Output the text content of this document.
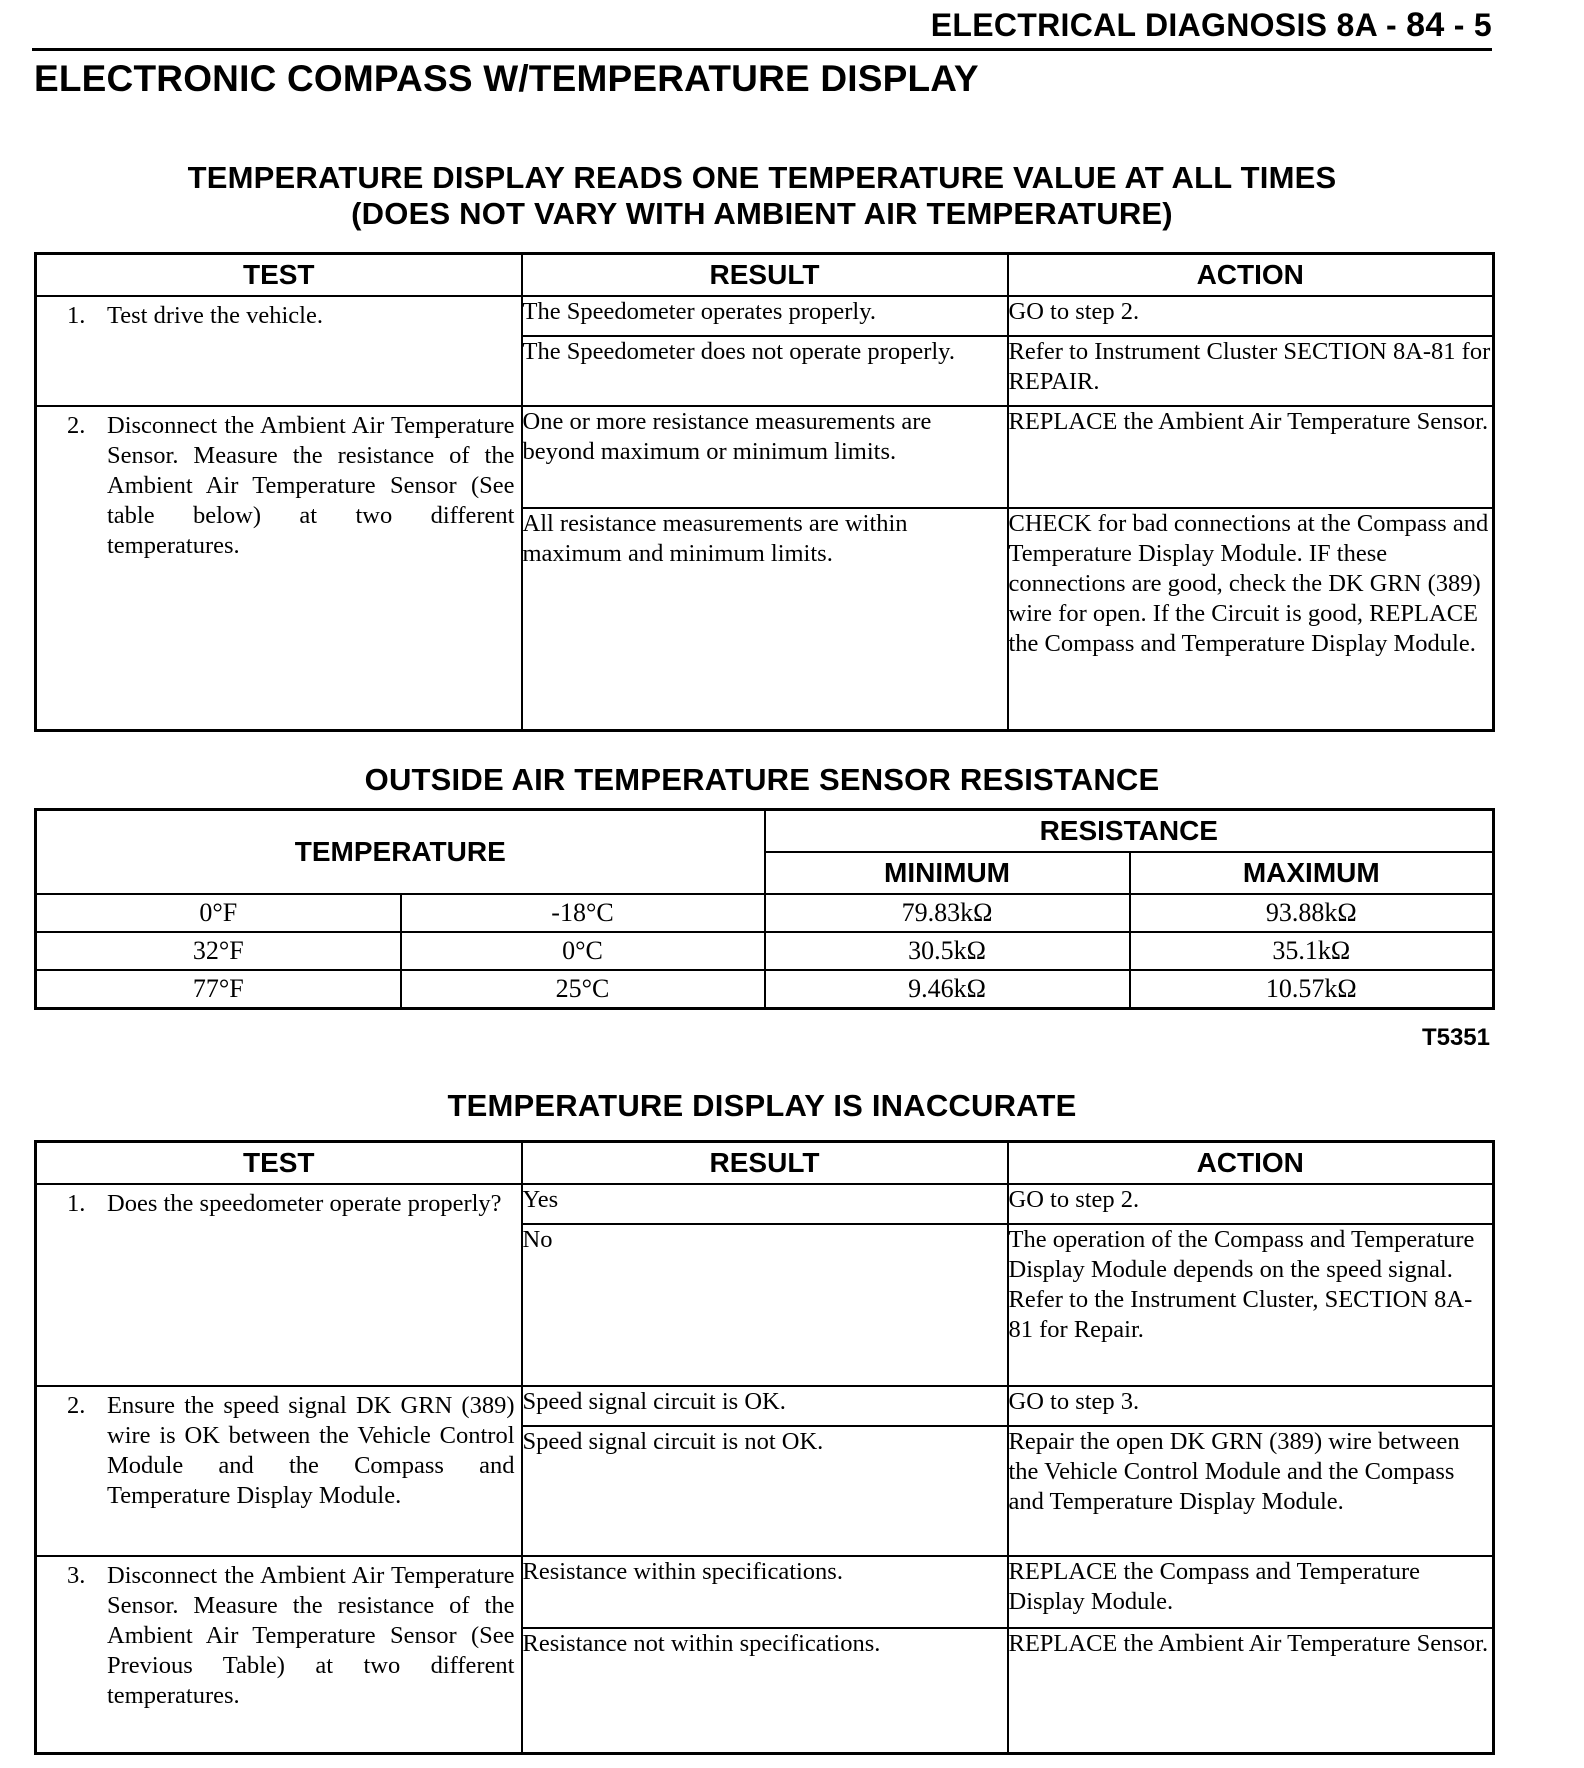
ELECTRICAL DIAGNOSIS 8A - 84 - 5
ELECTRONIC COMPASS W/TEMPERATURE DISPLAY
TEMPERATURE DISPLAY READS ONE TEMPERATURE VALUE AT ALL TIMES
(DOES NOT VARY WITH AMBIENT AIR TEMPERATURE)
TEST	RESULT	ACTION

1. Test drive the vehicle.	The Speedometer operates properly.	GO to step 2.
	The Speedometer does not operate properly.	Refer to Instrument Cluster SECTION 8A-81 for REPAIR.

2. Disconnect the Ambient Air Temperature Sensor. Measure the resistance of the Ambient Air Temperature Sensor (See table below) at two different temperatures.	One or more resistance measurements are beyond maximum or minimum limits.	REPLACE the Ambient Air Temperature Sensor.
	All resistance measurements are within maximum and minimum limits.	CHECK for bad connections at the Compass and Temperature Display Module. IF these connections are good, check the DK GRN (389) wire for open. If the Circuit is good, REPLACE the Compass and Temperature Display Module.
OUTSIDE AIR TEMPERATURE SENSOR RESISTANCE
TEMPERATURE		RESISTANCE	
		MINIMUM	MAXIMUM
0°F	-18°C	79.83kΩ	93.88kΩ
32°F	0°C	30.5kΩ	35.1kΩ
77°F	25°C	9.46kΩ	10.57kΩ
T5351
TEMPERATURE DISPLAY IS INACCURATE
TEST	RESULT	ACTION

1. Does the speedometer operate properly?	Yes	GO to step 2.
	No	The operation of the Compass and Temperature Display Module depends on the speed signal. Refer to the Instrument Cluster, SECTION 8A-81 for Repair.

2. Ensure the speed signal DK GRN (389) wire is OK between the Vehicle Control Module and the Compass and Temperature Display Module.	Speed signal circuit is OK.	GO to step 3.
	Speed signal circuit is not OK.	Repair the open DK GRN (389) wire between the Vehicle Control Module and the Compass and Temperature Display Module.

3. Disconnect the Ambient Air Temperature Sensor. Measure the resistance of the Ambient Air Temperature Sensor (See Previous Table) at two different temperatures.	Resistance within specifications.	REPLACE the Compass and Temperature Display Module.
	Resistance not within specifications.	REPLACE the Ambient Air Temperature Sensor.
